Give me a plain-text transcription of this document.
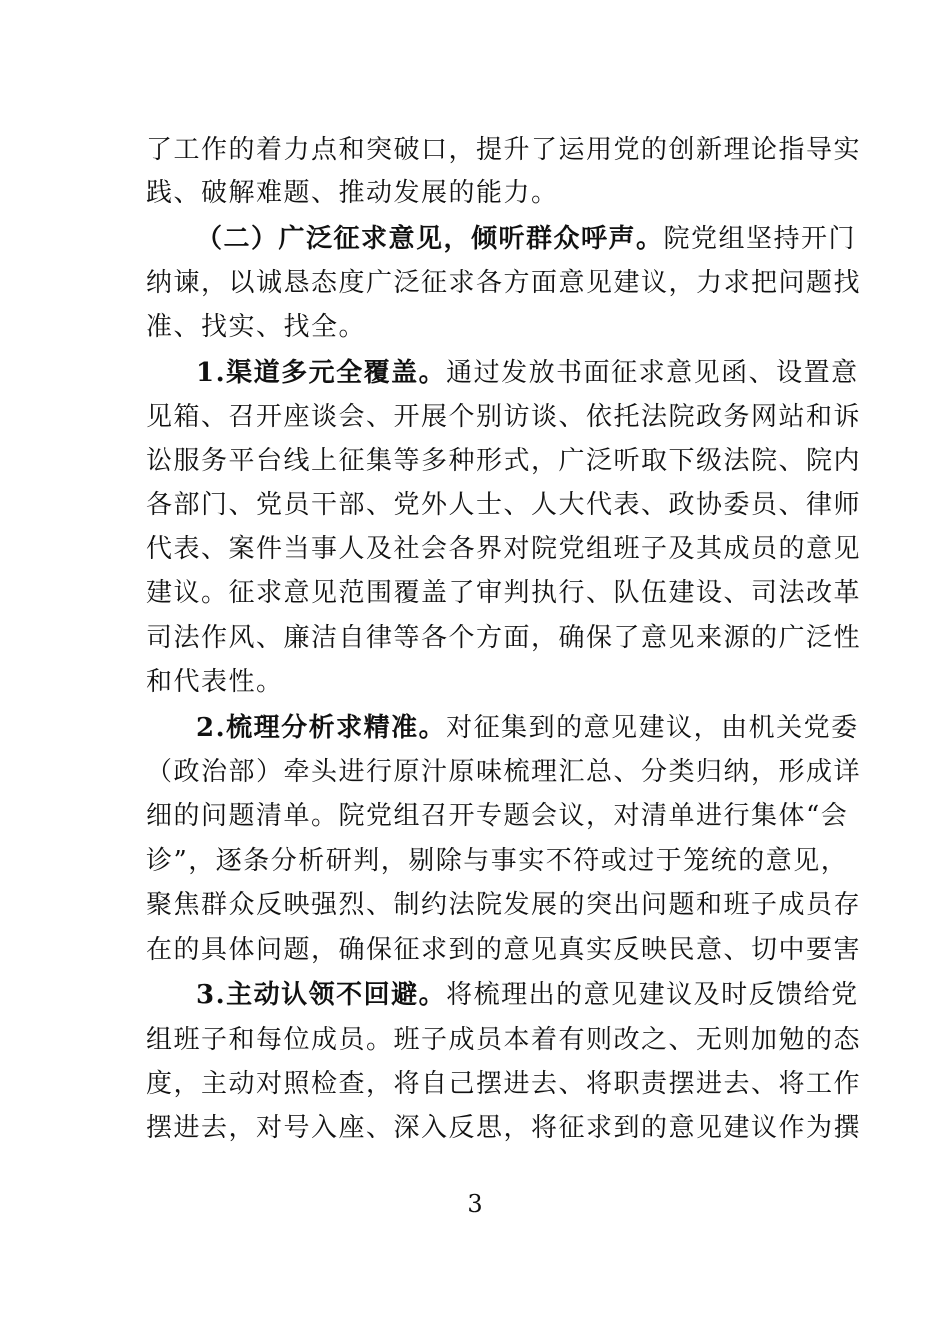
了工作的着力点和突破口，提升了运用党的创新理论指导实
践、破解难题、推动发展的能力。
（二）广泛征求意见，倾听群众呼声。院党组坚持开门
纳谏，以诚恳态度广泛征求各方面意见建议，力求把问题找
准、找实、找全。
1.渠道多元全覆盖。通过发放书面征求意见函、设置意
见箱、召开座谈会、开展个别访谈、依托法院政务网站和诉
讼服务平台线上征集等多种形式，广泛听取下级法院、院内
各部门、党员干部、党外人士、人大代表、政协委员、律师
代表、案件当事人及社会各界对院党组班子及其成员的意见
建议。征求意见范围覆盖了审判执行、队伍建设、司法改革
司法作风、廉洁自律等各个方面，确保了意见来源的广泛性
和代表性。
2.梳理分析求精准。对征集到的意见建议，由机关党委
（政治部）牵头进行原汁原味梳理汇总、分类归纳，形成详
细的问题清单。院党组召开专题会议，对清单进行集体“会
诊”，逐条分析研判，剔除与事实不符或过于笼统的意见，
聚焦群众反映强烈、制约法院发展的突出问题和班子成员存
在的具体问题，确保征求到的意见真实反映民意、切中要害
3.主动认领不回避。将梳理出的意见建议及时反馈给党
组班子和每位成员。班子成员本着有则改之、无则加勉的态
度，主动对照检查，将自己摆进去、将职责摆进去、将工作
摆进去，对号入座、深入反思，将征求到的意见建议作为撰
3
